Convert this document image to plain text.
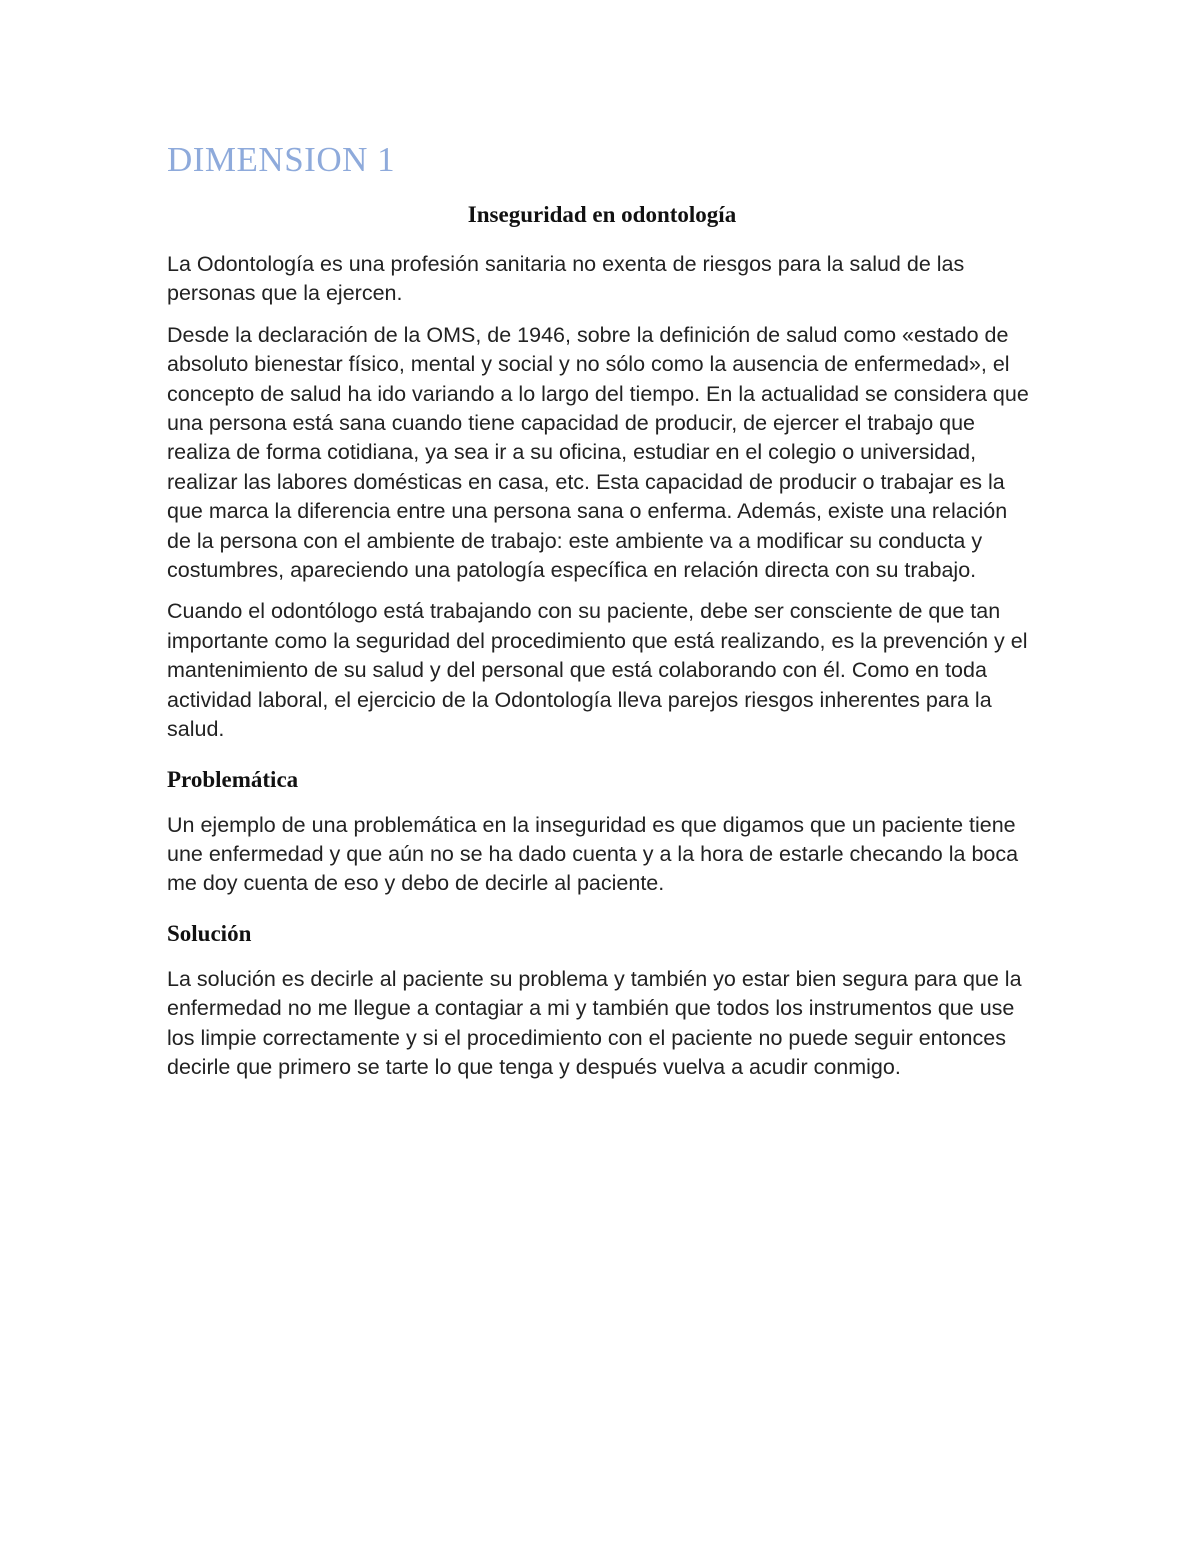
DIMENSION 1
Inseguridad en odontología

La Odontología es una profesión sanitaria no exenta de riesgos para la salud de las personas que la ejercen.

Desde la declaración de la OMS, de 1946, sobre la definición de salud como «estado de absoluto bienestar físico, mental y social y no sólo como la ausencia de enfermedad», el concepto de salud ha ido variando a lo largo del tiempo. En la actualidad se considera que una persona está sana cuando tiene capacidad de producir, de ejercer el trabajo que realiza de forma cotidiana, ya sea ir a su oficina, estudiar en el colegio o universidad, realizar las labores domésticas en casa, etc. Esta capacidad de producir o trabajar es la que marca la diferencia entre una persona sana o enferma. Además, existe una relación de la persona con el ambiente de trabajo: este ambiente va a modificar su conducta y costumbres, apareciendo una patología específica en relación directa con su trabajo.

Cuando el odontólogo está trabajando con su paciente, debe ser consciente de que tan importante como la seguridad del procedimiento que está realizando, es la prevención y el mantenimiento de su salud y del personal que está colaborando con él. Como en toda actividad laboral, el ejercicio de la Odontología lleva parejos riesgos inherentes para la salud.

Problemática

Un ejemplo de una problemática en la inseguridad es que digamos que un paciente tiene une enfermedad y que aún no se ha dado cuenta y a la hora de estarle checando la boca me doy cuenta de eso y debo de decirle al paciente.

Solución

La solución es decirle al paciente su problema y también yo estar bien segura para que la enfermedad no me llegue a contagiar a mi y también que todos los instrumentos que use los limpie correctamente y si el procedimiento con el paciente no puede seguir entonces decirle que primero se tarte lo que tenga y después vuelva a acudir conmigo.
